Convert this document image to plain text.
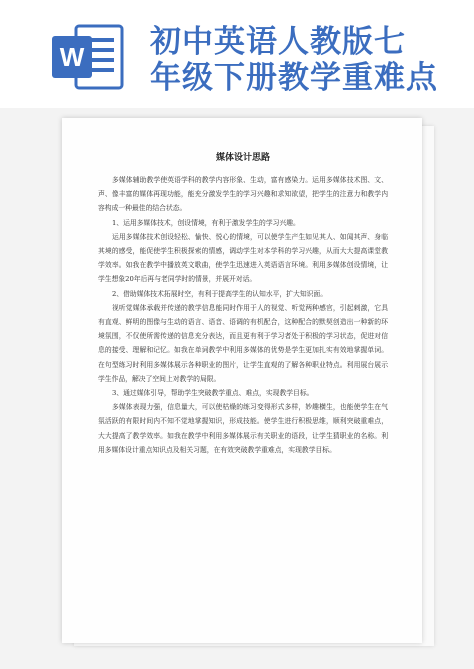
W 初中英语人教版七
年级下册教学重难点
媒体设计思路

多媒体辅助教学使英语学科的教学内容形象、生动，富有感染力。运用多媒体技术图、文、声、像丰富的媒体再现功能，能充分激发学生的学习兴趣和求知欲望，把学生的注意力和教学内容构成一种最佳的结合状态。

1、运用多媒体技术，创设情境，有利于激发学生的学习兴趣。

运用多媒体技术创设轻松、愉快、悦心的情境，可以使学生产生如见其人、如闻其声、身临其境的感受，能促使学生积极探索的情感，调动学生对本学科的学习兴趣，从而大大提高课堂教学效率。如我在教学中播放英文歌曲，使学生迅速进入英语语言环境。利用多媒体创设情境，让学生想象20年后再与老同学时的情景，并展开对话。

2、借助媒体技术拓展时空，有利于提高学生的认知水平，扩大知识面。

视听觉媒体承载并传递的教学信息能同时作用于人的视觉、听觉两种感官，引起刺激，它具有直观、鲜明的图像与生动的语言、语音、语调的有机配合，这种配合的默契创造出一种新的环境氛围，不仅使所需传递的信息充分表达，而且更有利于学习者处于积极的学习状态，促进对信息的接受、理解和记忆。如我在单词教学中利用多媒体的优势是学生更加扎实有效地掌握单词。在句型练习时利用多媒体展示各种职业的图片，让学生直观的了解各种职业特点。利用展台展示学生作品，解决了空间上对教学的局限。

3、通过媒体引导，帮助学生突破教学重点、难点，实现教学目标。

多媒体表现力强，信息量大，可以使枯燥的练习变得形式多样，妙趣横生，也能使学生在气氛活跃的有限时间内不知不觉地掌握知识，形成技能。使学生进行积极思维，顺利突破重难点，大大提高了教学效率。如我在教学中利用多媒体展示有关职业的语段，让学生猜职业的名称。利用多媒体设计重点知识点及相关习题，在有效突破教学重难点，实现教学目标。
